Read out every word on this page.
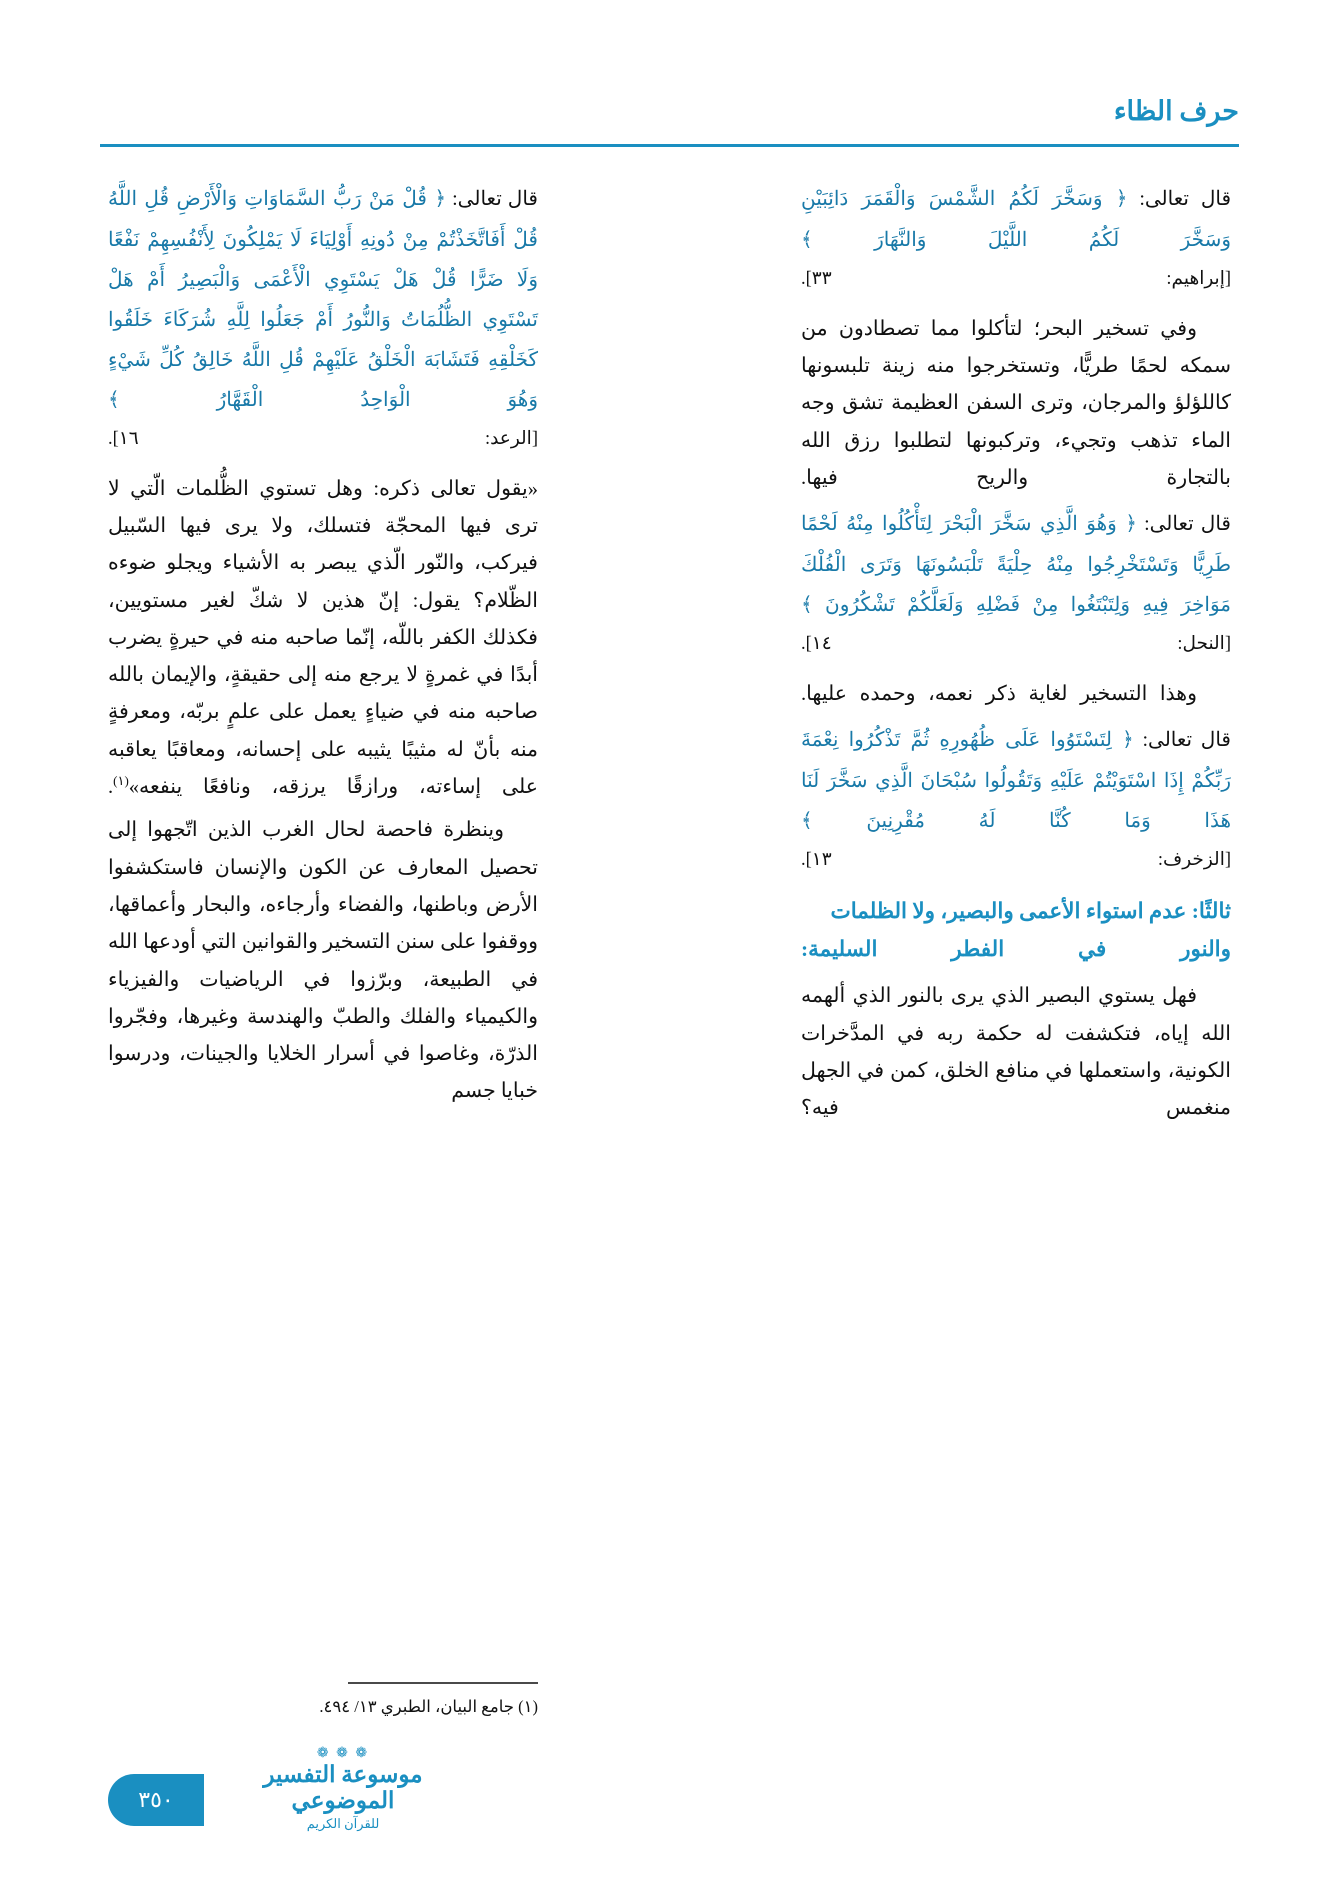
حرف الظاء

قال تعالى: ﴿ وَسَخَّرَ لَكُمُ الشَّمْسَ وَالْقَمَرَ دَائِبَيْنِ وَسَخَّرَ لَكُمُ اللَّيْلَ وَالنَّهَارَ ﴾

[إبراهيم: ٣٣].

وفي تسخير البحر؛ لتأكلوا مما تصطادون من سمكه لحمًا طريًّا، وتستخرجوا منه زينة تلبسونها كاللؤلؤ والمرجان، وترى السفن العظيمة تشق وجه الماء تذهب وتجيء، وتركبونها لتطلبوا رزق الله بالتجارة والريح فيها.

قال تعالى: ﴿ وَهُوَ الَّذِي سَخَّرَ الْبَحْرَ لِتَأْكُلُوا مِنْهُ لَحْمًا طَرِيًّا وَتَسْتَخْرِجُوا مِنْهُ حِلْيَةً تَلْبَسُونَهَا وَتَرَى الْفُلْكَ مَوَاخِرَ فِيهِ وَلِتَبْتَغُوا مِنْ فَضْلِهِ وَلَعَلَّكُمْ تَشْكُرُونَ ﴾

[النحل: ١٤].

وهذا التسخير لغاية ذكر نعمه، وحمده عليها.

قال تعالى: ﴿ لِتَسْتَوُوا عَلَى ظُهُورِهِ ثُمَّ تَذْكُرُوا نِعْمَةَ رَبِّكُمْ إِذَا اسْتَوَيْتُمْ عَلَيْهِ وَتَقُولُوا سُبْحَانَ الَّذِي سَخَّرَ لَنَا هَذَا وَمَا كُنَّا لَهُ مُقْرِنِينَ ﴾

[الزخرف: ١٣].

ثالثًا: عدم استواء الأعمى والبصير، ولا الظلمات والنور في الفطر السليمة:

فهل يستوي البصير الذي يرى بالنور الذي ألهمه الله إياه، فتكشفت له حكمة ربه في المدَّخرات الكونية، واستعملها في منافع الخلق، كمن في الجهل منغمس فيه؟

قال تعالى: ﴿ قُلْ مَنْ رَبُّ السَّمَاوَاتِ وَالْأَرْضِ قُلِ اللَّهُ قُلْ أَفَاتَّخَذْتُمْ مِنْ دُونِهِ أَوْلِيَاءَ لَا يَمْلِكُونَ لِأَنْفُسِهِمْ نَفْعًا وَلَا ضَرًّا قُلْ هَلْ يَسْتَوِي الْأَعْمَى وَالْبَصِيرُ أَمْ هَلْ تَسْتَوِي الظُّلُمَاتُ وَالنُّورُ أَمْ جَعَلُوا لِلَّهِ شُرَكَاءَ خَلَقُوا كَخَلْقِهِ فَتَشَابَهَ الْخَلْقُ عَلَيْهِمْ قُلِ اللَّهُ خَالِقُ كُلِّ شَيْءٍ وَهُوَ الْوَاحِدُ الْقَهَّارُ ﴾

[الرعد: ١٦].

«يقول تعالى ذكره: وهل تستوي الظُّلمات الّتي لا ترى فيها المحجّة فتسلك، ولا يرى فيها السّبيل فيركب، والنّور الّذي يبصر به الأشياء ويجلو ضوءه الظّلام؟ يقول: إنّ هذين لا شكّ لغير مستويين، فكذلك الكفر باللّه، إنّما صاحبه منه في حيرةٍ يضرب أبدًا في غمرةٍ لا يرجع منه إلى حقيقةٍ، والإيمان بالله صاحبه منه في ضياءٍ يعمل على علمٍ بربّه، ومعرفةٍ منه بأنّ له مثيبًا يثيبه على إحسانه، ومعاقبًا يعاقبه على إساءته، ورازقًا يرزقه، ونافعًا ينفعه»$^{(١)}$.

وينظرة فاحصة لحال الغرب الذين اتّجهوا إلى تحصيل المعارف عن الكون والإنسان فاستكشفوا الأرض وباطنها، والفضاء وأرجاءه، والبحار وأعماقها، ووقفوا على سنن التسخير والقوانين التي أودعها الله في الطبيعة، وبرّزوا في الرياضيات والفيزياء والكيمياء والفلك والطبّ والهندسة وغيرها، وفجّروا الذرّة، وغاصوا في أسرار الخلايا والجينات، ودرسوا خبايا جسم

(١) جامع البيان، الطبري ١٣/ ٤٩٤.
❁ ❁ ❁
موسوعة التفسير الموضوعي
للقرآن الكريم
٣٥٠
